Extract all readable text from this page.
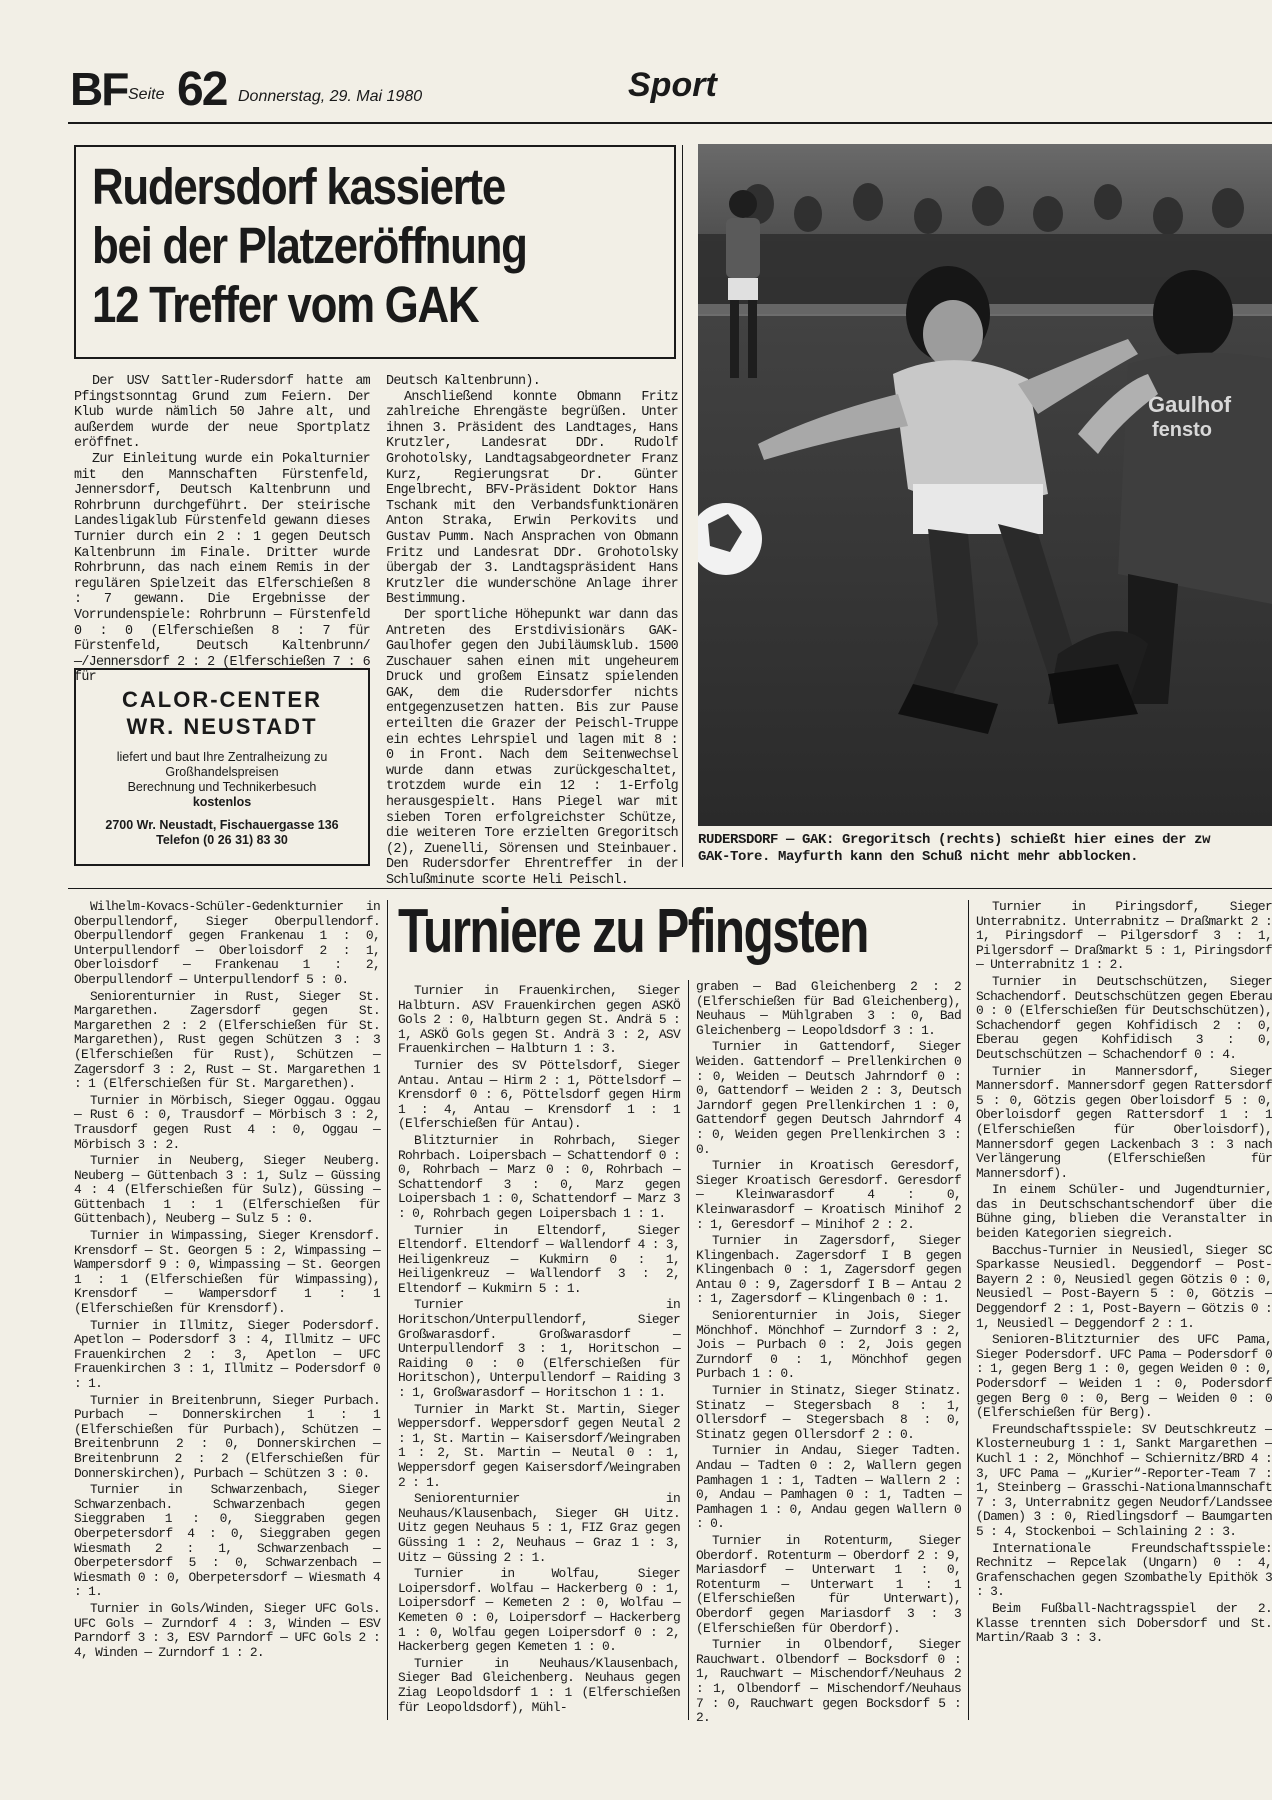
BF Seite 62 Donnerstag, 29. Mai 1980	Sport
Rudersdorf kassierte
bei der Platzeröffnung
12 Treffer vom GAK

Der USV Sattler-Rudersdorf hatte am Pfingstsonntag Grund zum Feiern. Der Klub wurde nämlich 50 Jahre alt, und außerdem wurde der neue Sportplatz eröffnet.

Zur Einleitung wurde ein Pokalturnier mit den Mannschaften Fürstenfeld, Jennersdorf, Deutsch Kaltenbrunn und Rohrbrunn durchgeführt. Der steirische Landesligaklub Fürstenfeld gewann dieses Turnier durch ein 2 : 1 gegen Deutsch Kaltenbrunn im Finale. Dritter wurde Rohrbrunn, das nach einem Remis in der regulären Spielzeit das Elferschießen 8 : 7 gewann. Die Ergebnisse der Vorrundenspiele: Rohrbrunn — Fürstenfeld 0 : 0 (Elferschießen 8 : 7 für Fürstenfeld, Deutsch Kaltenbrunn/—/Jennersdorf 2 : 2 (Elferschießen 7 : 6 für

Deutsch Kaltenbrunn).

Anschließend konnte Obmann Fritz zahlreiche Ehrengäste begrüßen. Unter ihnen 3. Präsident des Landtages, Hans Krutzler, Landesrat DDr. Rudolf Grohotolsky, Landtagsabgeordneter Franz Kurz, Regierungsrat Dr. Günter Engelbrecht, BFV-Präsident Doktor Hans Tschank mit den Verbandsfunktionären Anton Straka, Erwin Perkovits und Gustav Pumm. Nach Ansprachen von Obmann Fritz und Landesrat DDr. Grohotolsky übergab der 3. Landtagspräsident Hans Krutzler die wunderschöne Anlage ihrer Bestimmung.

Der sportliche Höhepunkt war dann das Antreten des Erstdivisionärs GAK-Gaulhofer gegen den Jubiläumsklub. 1500 Zuschauer sahen einen mit ungeheurem Druck und großem Einsatz spielenden GAK, dem die Rudersdorfer nichts entgegenzusetzen hatten. Bis zur Pause erteilten die Grazer der Peischl-Truppe ein echtes Lehrspiel und lagen mit 8 : 0 in Front. Nach dem Seitenwechsel wurde dann etwas zurückgeschaltet, trotzdem wurde ein 12 : 1-Erfolg herausgespielt. Hans Piegel war mit sieben Toren erfolgreichster Schütze, die weiteren Tore erzielten Gregoritsch (2), Zuenelli, Sörensen und Steinbauer. Den Rudersdorfer Ehrentreffer in der Schlußminute scorte Heli Peischl.

CALOR-CENTER
WR. NEUSTADT
liefert und baut Ihre Zentralheizung zu
Großhandelspreisen
Berechnung und Technikerbesuch
kostenlos
2700 Wr. Neustadt, Fischauergasse 136
Telefon (0 26 31) 83 30
Gaulhof
fensto
RUDERSDORF — GAK: Gregoritsch (rechts) schießt hier eines der zw
GAK-Tore. Mayfurth kann den Schuß nicht mehr abblocken.
Turniere zu Pfingsten

Wilhelm-Kovacs-Schüler-Gedenkturnier in Oberpullendorf, Sieger Oberpullendorf. Oberpullendorf gegen Frankenau 1 : 0, Unterpullendorf — Oberloisdorf 2 : 1, Oberloisdorf — Frankenau 1 : 2, Oberpullendorf — Unterpullendorf 5 : 0.

Seniorenturnier in Rust, Sieger St. Margarethen. Zagersdorf gegen St. Margarethen 2 : 2 (Elferschießen für St. Margarethen), Rust gegen Schützen 3 : 3 (Elferschießen für Rust), Schützen — Zagersdorf 3 : 2, Rust — St. Margarethen 1 : 1 (Elferschießen für St. Margarethen).

Turnier in Mörbisch, Sieger Oggau. Oggau — Rust 6 : 0, Trausdorf — Mörbisch 3 : 2, Trausdorf gegen Rust 4 : 0, Oggau — Mörbisch 3 : 2.

Turnier in Neuberg, Sieger Neuberg. Neuberg — Güttenbach 3 : 1, Sulz — Güssing 4 : 4 (Elferschießen für Sulz), Güssing — Güttenbach 1 : 1 (Elferschießen für Güttenbach), Neuberg — Sulz 5 : 0.

Turnier in Wimpassing, Sieger Krensdorf. Krensdorf — St. Georgen 5 : 2, Wimpassing — Wampersdorf 9 : 0, Wimpassing — St. Georgen 1 : 1 (Elferschießen für Wimpassing), Krensdorf — Wampersdorf 1 : 1 (Elferschießen für Krensdorf).

Turnier in Illmitz, Sieger Podersdorf. Apetlon — Podersdorf 3 : 4, Illmitz — UFC Frauenkirchen 2 : 3, Apetlon — UFC Frauenkirchen 3 : 1, Illmitz — Podersdorf 0 : 1.

Turnier in Breitenbrunn, Sieger Purbach. Purbach — Donnerskirchen 1 : 1 (Elferschießen für Purbach), Schützen — Breitenbrunn 2 : 0, Donnerskirchen — Breitenbrunn 2 : 2 (Elferschießen für Donnerskirchen), Purbach — Schützen 3 : 0.

Turnier in Schwarzenbach, Sieger Schwarzenbach. Schwarzenbach gegen Sieggraben 1 : 0, Sieggraben gegen Oberpetersdorf 4 : 0, Sieggraben gegen Wiesmath 2 : 1, Schwarzenbach — Oberpetersdorf 5 : 0, Schwarzenbach — Wiesmath 0 : 0, Oberpetersdorf — Wiesmath 4 : 1.

Turnier in Gols/Winden, Sieger UFC Gols. UFC Gols — Zurndorf 4 : 3, Winden — ESV Parndorf 3 : 3, ESV Parndorf — UFC Gols 2 : 4, Winden — Zurndorf 1 : 2.

Turnier in Frauenkirchen, Sieger Halbturn. ASV Frauenkirchen gegen ASKÖ Gols 2 : 0, Halbturn gegen St. Andrä 5 : 1, ASKÖ Gols gegen St. Andrä 3 : 2, ASV Frauenkirchen — Halbturn 1 : 3.

Turnier des SV Pöttelsdorf, Sieger Antau. Antau — Hirm 2 : 1, Pöttelsdorf — Krensdorf 0 : 6, Pöttelsdorf gegen Hirm 1 : 4, Antau — Krensdorf 1 : 1 (Elferschießen für Antau).

Blitzturnier in Rohrbach, Sieger Rohrbach. Loipersbach — Schattendorf 0 : 0, Rohrbach — Marz 0 : 0, Rohrbach — Schattendorf 3 : 0, Marz gegen Loipersbach 1 : 0, Schattendorf — Marz 3 : 0, Rohrbach gegen Loipersbach 1 : 1.

Turnier in Eltendorf, Sieger Eltendorf. Eltendorf — Wallendorf 4 : 3, Heiligenkreuz — Kukmirn 0 : 1, Heiligenkreuz — Wallendorf 3 : 2, Eltendorf — Kukmirn 5 : 1.

Turnier in Horitschon/Unterpullendorf, Sieger Großwarasdorf. Großwarasdorf — Unterpullendorf 3 : 1, Horitschon — Raiding 0 : 0 (Elferschießen für Horitschon), Unterpullendorf — Raiding 3 : 1, Großwarasdorf — Horitschon 1 : 1.

Turnier in Markt St. Martin, Sieger Weppersdorf. Weppersdorf gegen Neutal 2 : 1, St. Martin — Kaisersdorf/Weingraben 1 : 2, St. Martin — Neutal 0 : 1, Weppersdorf gegen Kaisersdorf/Weingraben 2 : 1.

Seniorenturnier in Neuhaus/Klausenbach, Sieger GH Uitz. Uitz gegen Neuhaus 5 : 1, FIZ Graz gegen Güssing 1 : 2, Neuhaus — Graz 1 : 3, Uitz — Güssing 2 : 1.

Turnier in Wolfau, Sieger Loipersdorf. Wolfau — Hackerberg 0 : 1, Loipersdorf — Kemeten 2 : 0, Wolfau — Kemeten 0 : 0, Loipersdorf — Hackerberg 1 : 0, Wolfau gegen Loipersdorf 0 : 2, Hackerberg gegen Kemeten 1 : 0.

Turnier in Neuhaus/Klausenbach, Sieger Bad Gleichenberg. Neuhaus gegen Ziag Leopoldsdorf 1 : 1 (Elferschießen für Leopoldsdorf), Mühl-

graben — Bad Gleichenberg 2 : 2 (Elferschießen für Bad Gleichenberg), Neuhaus — Mühlgraben 3 : 0, Bad Gleichenberg — Leopoldsdorf 3 : 1.

Turnier in Gattendorf, Sieger Weiden. Gattendorf — Prellenkirchen 0 : 0, Weiden — Deutsch Jahrndorf 0 : 0, Gattendorf — Weiden 2 : 3, Deutsch Jarndorf gegen Prellenkirchen 1 : 0, Gattendorf gegen Deutsch Jahrndorf 4 : 0, Weiden gegen Prellenkirchen 3 : 0.

Turnier in Kroatisch Geresdorf, Sieger Kroatisch Geresdorf. Geresdorf — Kleinwarasdorf 4 : 0, Kleinwarasdorf — Kroatisch Minihof 2 : 1, Geresdorf — Minihof 2 : 2.

Turnier in Zagersdorf, Sieger Klingenbach. Zagersdorf I B gegen Klingenbach 0 : 1, Zagersdorf gegen Antau 0 : 9, Zagersdorf I B — Antau 2 : 1, Zagersdorf — Klingenbach 0 : 1.

Seniorenturnier in Jois, Sieger Mönchhof. Mönchhof — Zurndorf 3 : 2, Jois — Purbach 0 : 2, Jois gegen Zurndorf 0 : 1, Mönchhof gegen Purbach 1 : 0.

Turnier in Stinatz, Sieger Stinatz. Stinatz — Stegersbach 8 : 1, Ollersdorf — Stegersbach 8 : 0, Stinatz gegen Ollersdorf 2 : 0.

Turnier in Andau, Sieger Tadten. Andau — Tadten 0 : 2, Wallern gegen Pamhagen 1 : 1, Tadten — Wallern 2 : 0, Andau — Pamhagen 0 : 1, Tadten — Pamhagen 1 : 0, Andau gegen Wallern 0 : 0.

Turnier in Rotenturm, Sieger Oberdorf. Rotenturm — Oberdorf 2 : 9, Mariasdorf — Unterwart 1 : 0, Rotenturm — Unterwart 1 : 1 (Elferschießen für Unterwart), Oberdorf gegen Mariasdorf 3 : 3 (Elferschießen für Oberdorf).

Turnier in Olbendorf, Sieger Rauchwart. Olbendorf — Bocksdorf 0 : 1, Rauchwart — Mischendorf/Neuhaus 2 : 1, Olbendorf — Mischendorf/Neuhaus 7 : 0, Rauchwart gegen Bocksdorf 5 : 2.

Turnier in Piringsdorf, Sieger Unterrabnitz. Unterrabnitz — Draßmarkt 2 : 1, Piringsdorf — Pilgersdorf 3 : 1, Pilgersdorf — Draßmarkt 5 : 1, Piringsdorf — Unterrabnitz 1 : 2.

Turnier in Deutschschützen, Sieger Schachendorf. Deutschschützen gegen Eberau 0 : 0 (Elferschießen für Deutschschützen), Schachendorf gegen Kohfidisch 2 : 0, Eberau gegen Kohfidisch 3 : 0, Deutschschützen — Schachendorf 0 : 4.

Turnier in Mannersdorf, Sieger Mannersdorf. Mannersdorf gegen Rattersdorf 5 : 0, Götzis gegen Oberloisdorf 5 : 0, Oberloisdorf gegen Rattersdorf 1 : 1 (Elferschießen für Oberloisdorf), Mannersdorf gegen Lackenbach 3 : 3 nach Verlängerung (Elferschießen für Mannersdorf).

In einem Schüler- und Jugendturnier, das in Deutschschantschendorf über die Bühne ging, blieben die Veranstalter in beiden Kategorien siegreich.

Bacchus-Turnier in Neusiedl, Sieger SC Sparkasse Neusiedl. Deggendorf — Post-Bayern 2 : 0, Neusiedl gegen Götzis 0 : 0, Neusiedl — Post-Bayern 5 : 0, Götzis — Deggendorf 2 : 1, Post-Bayern — Götzis 0 : 1, Neusiedl — Deggendorf 2 : 1.

Senioren-Blitzturnier des UFC Pama, Sieger Podersdorf. UFC Pama — Podersdorf 0 : 1, gegen Berg 1 : 0, gegen Weiden 0 : 0, Podersdorf — Weiden 1 : 0, Podersdorf gegen Berg 0 : 0, Berg — Weiden 0 : 0 (Elferschießen für Berg).

Freundschaftsspiele: SV Deutschkreutz — Klosterneuburg 1 : 1, Sankt Margarethen — Kuchl 1 : 2, Mönchhof — Schiernitz/BRD 4 : 3, UFC Pama — „Kurier“-Reporter-Team 7 : 1, Steinberg — Grasschi-Nationalmannschaft 7 : 3, Unterrabnitz gegen Neudorf/Landssee (Damen) 3 : 0, Riedlingsdorf — Baumgarten 5 : 4, Stockenboi — Schlaining 2 : 3.

Internationale Freundschaftsspiele: Rechnitz — Repcelak (Ungarn) 0 : 4, Grafenschachen gegen Szombathely Epithök 3 : 3.

Beim Fußball-Nachtragsspiel der 2. Klasse trennten sich Dobersdorf und St. Martin/Raab 3 : 3.
